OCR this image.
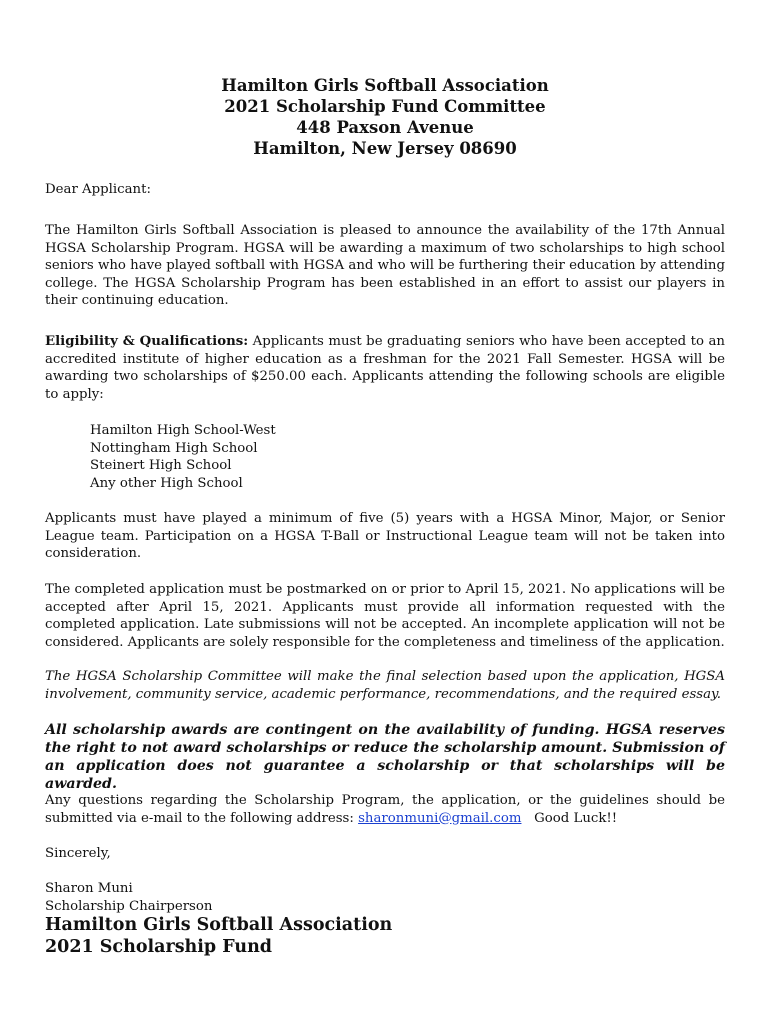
Hamilton Girls Softball Association
2021 Scholarship Fund Committee
448 Paxson Avenue
Hamilton, New Jersey 08690
Dear Applicant:

The Hamilton Girls Softball Association is pleased to announce the availability of the 17th Annual HGSA Scholarship Program. HGSA will be awarding a maximum of two scholarships to high school seniors who have played softball with HGSA and who will be furthering their education by attending college. The HGSA Scholarship Program has been established in an effort to assist our players in their continuing education.

Eligibility & Qualifications: Applicants must be graduating seniors who have been accepted to an accredited institute of higher education as a freshman for the 2021 Fall Semester. HGSA will be awarding two scholarships of $250.00 each. Applicants attending the following schools are eligible to apply:

Hamilton High School-West
Nottingham High School
Steinert High School
Any other High School

Applicants must have played a minimum of five (5) years with a HGSA Minor, Major, or Senior League team. Participation on a HGSA T-Ball or Instructional League team will not be taken into consideration.

The completed application must be postmarked on or prior to April 15, 2021. No applications will be accepted after April 15, 2021. Applicants must provide all information requested with the completed application. Late submissions will not be accepted. An incomplete application will not be considered. Applicants are solely responsible for the completeness and timeliness of the application.

The HGSA Scholarship Committee will make the final selection based upon the application, HGSA involvement, community service, academic performance, recommendations, and the required essay.

All scholarship awards are contingent on the availability of funding. HGSA reserves the right to not award scholarships or reduce the scholarship amount. Submission of an application does not guarantee a scholarship or that scholarships will be awarded.

Any questions regarding the Scholarship Program, the application, or the guidelines should be submitted via e-mail to the following address: sharonmuni@gmail.com   Good Luck!!

Sincerely,
Sharon Muni
Scholarship Chairperson
Hamilton Girls Softball Association
2021 Scholarship Fund
